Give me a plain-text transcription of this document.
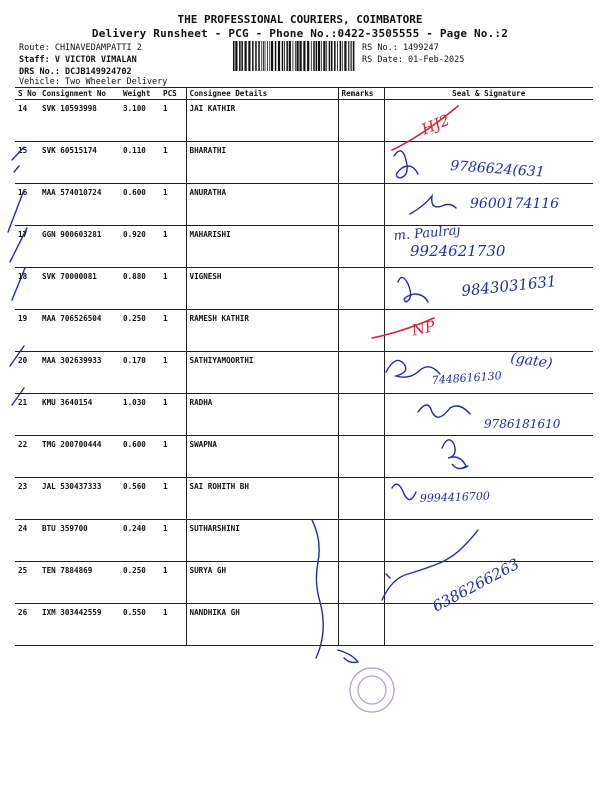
THE PROFESSIONAL COURIERS, COIMBATORE
Delivery Runsheet - PCG - Phone No.:0422-3505555 - Page No.:2
Route: CHINAVEDAMPATTI 2
Staff: V VICTOR VIMALAN
DRS No.: DCJB149924702
Vehicle: Two Wheeler Delivery
RS No.: 1499247
RS Date: 01-Feb-2025
S No	Consignment No	Weight	PCS	Consignee Details	Remarks	Seal & Signature
14	SVK 10593998	3.100	1	JAI KATHIR		
15	SVK 60515174	0.110	1	BHARATHI		
16	MAA 574010724	0.600	1	ANURATHA		
17	GGN 900603281	0.920	1	MAHARISHI		
18	SVK 70000081	0.880	1	VIGNESH		
19	MAA 706526504	0.250	1	RAMESH KATHIR		
20	MAA 302639933	0.170	1	SATHIYAMOORTHI		
21	KMU 3640154	1.030	1	RADHA		
22	TMG 200700444	0.600	1	SWAPNA		
23	JAL 530437333	0.560	1	SAI ROHITH BH		
24	BTU 359700	0.240	1	SUTHARSHINI		
25	TEN 7884869	0.250	1	SURYA GH		
26	IXM 303442559	0.550	1	NANDHIKA GH		
HJ2
NP
9786624(631
9600174116
m. Paulraj
9924621730
9843031631
(gate)
7448616130
9786181610
9994416700
6386266263
